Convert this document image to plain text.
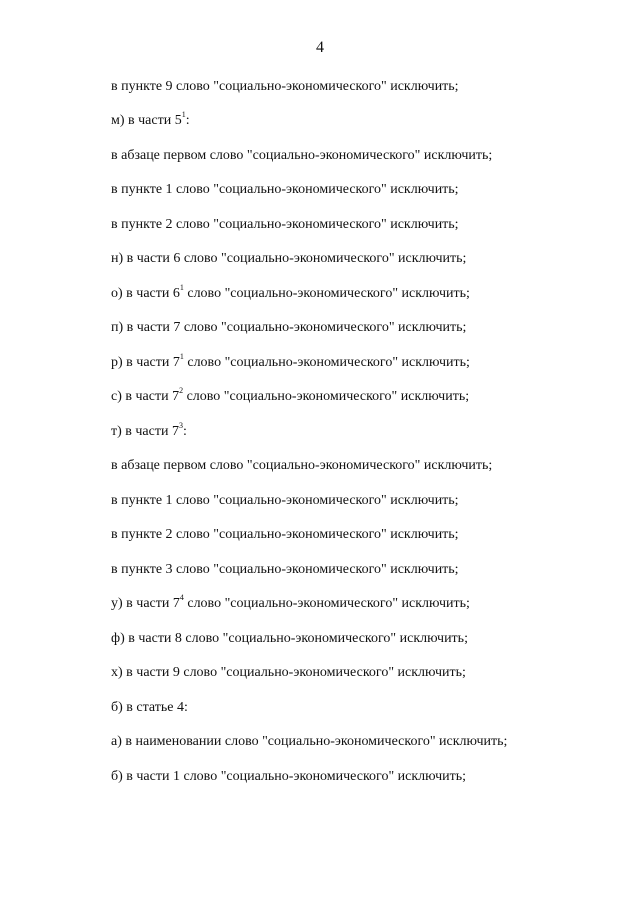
4
в пункте 9 слово "социально-экономического" исключить;
м) в части $5^1$:
в абзаце первом слово "социально-экономического" исключить;
в пункте 1 слово "социально-экономического" исключить;
в пункте 2 слово "социально-экономического" исключить;
н) в части 6 слово "социально-экономического" исключить;
о) в части $6^1$ слово "социально-экономического" исключить;
п) в части 7 слово "социально-экономического" исключить;
р) в части $7^1$ слово "социально-экономического" исключить;
с) в части $7^2$ слово "социально-экономического" исключить;
т) в части $7^3$:
в абзаце первом слово "социально-экономического" исключить;
в пункте 1 слово "социально-экономического" исключить;
в пункте 2 слово "социально-экономического" исключить;
в пункте 3 слово "социально-экономического" исключить;
у) в части $7^4$ слово "социально-экономического" исключить;
ф) в части 8 слово "социально-экономического" исключить;
х) в части 9 слово "социально-экономического" исключить;
б) в статье 4:
а) в наименовании слово "социально-экономического" исключить;
б) в части 1 слово "социально-экономического" исключить;
